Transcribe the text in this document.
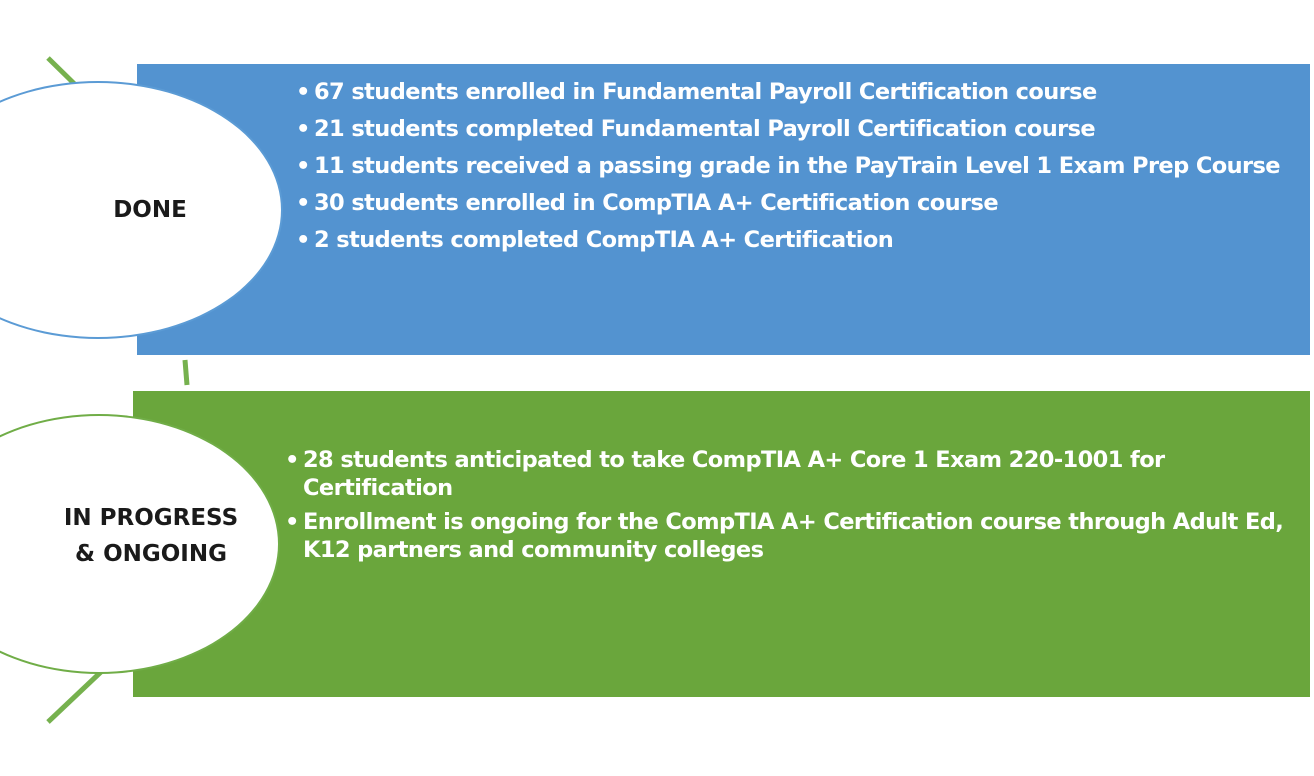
• 67 students enrolled in Fundamental Payroll Certification course
• 21 students completed Fundamental Payroll Certification course
• 11 students received a passing grade in the PayTrain Level 1 Exam Prep Course
• 30 students enrolled in CompTIA A+ Certification course
• 2 students completed CompTIA A+ Certification
• 28 students anticipated to take CompTIA A+ Core 1 Exam 220-1001 for Certification
• Enrollment is ongoing for the CompTIA A+ Certification course through Adult Ed, K12 partners and community colleges
DONE
IN PROGRESS
& ONGOING
